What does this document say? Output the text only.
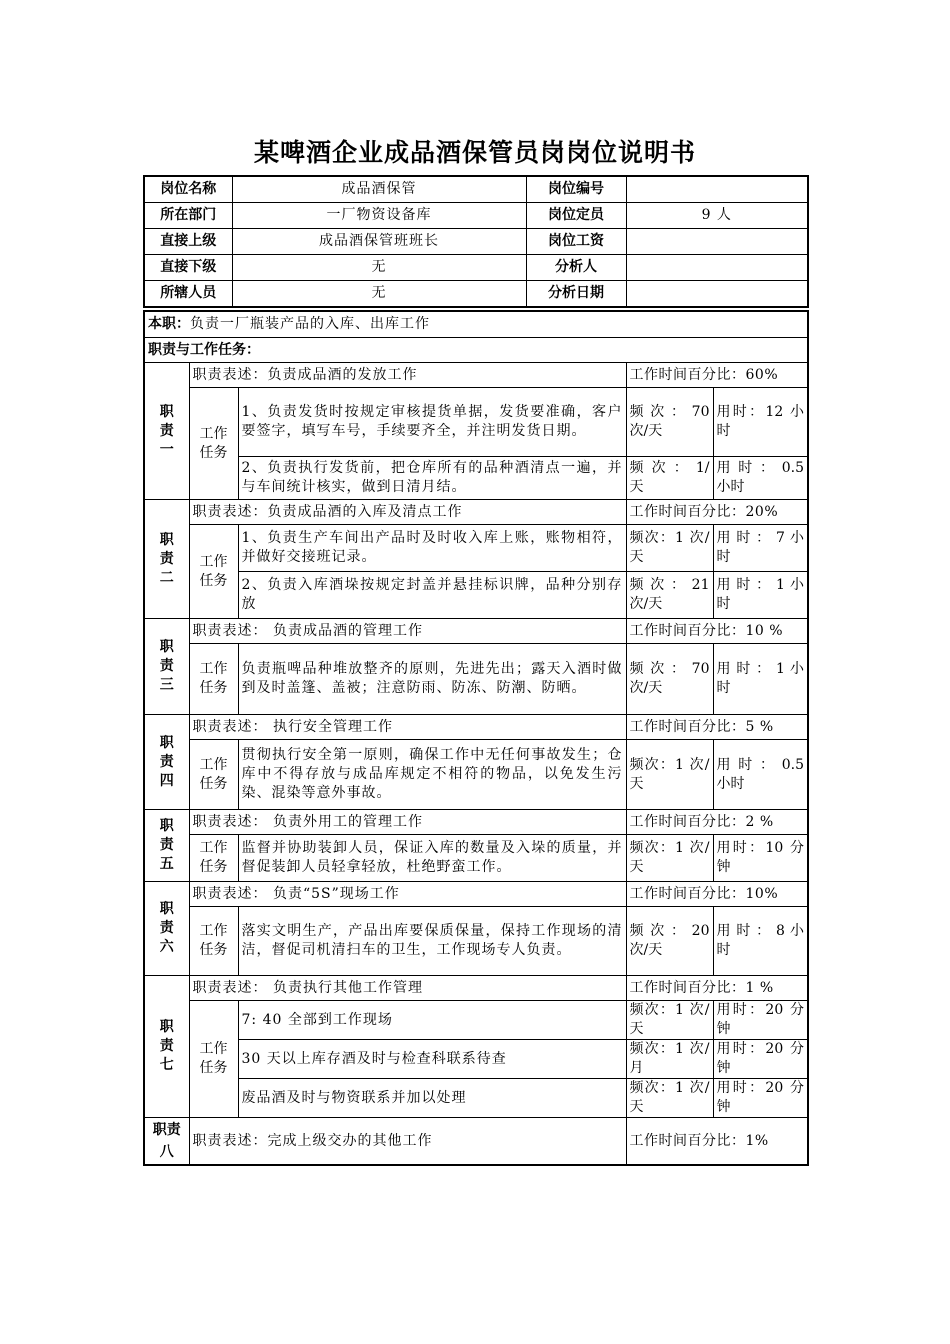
某啤酒企业成品酒保管员岗岗位说明书
岗位名称	成品酒保管	岗位编号	
所在部门	一厂物资设备库	岗位定员	9 人
直接上级	成品酒保管班班长	岗位工资	
直接下级	无	分析人	
所辖人员	无	分析日期	
本职：负责一厂瓶装产品的入库、出库工作				
职责与工作任务：				
职责一	职责表述：负责成品酒的发放工作		工作时间百分比：60%	
	工作任务	1、负责发货时按规定审核提货单据，发货要准确，客户要签字，填写车号，手续要齐全，并注明发货日期。	频 次 ： 70次/天	用时：12 小时
		2、负责执行发货前，把仓库所有的品种酒清点一遍，并与车间统计核实，做到日清月结。	频 次 ： 1/天	用 时 ： 0.5小时
职责二	职责表述：负责成品酒的入库及清点工作		工作时间百分比：20%	
	工作任务	1、负责生产车间出产品时及时收入库上账，账物相符，并做好交接班记录。	频次：1 次/天	用 时 ： 7 小时
		2、负责入库酒垛按规定封盖并悬挂标识牌，品种分别存放	频 次 ： 21次/天	用 时 ： 1 小时
职责三	职责表述： 负责成品酒的管理工作		工作时间百分比：10 %	
	工作任务	负责瓶啤品种堆放整齐的原则，先进先出；露天入酒时做到及时盖篷、盖被；注意防雨、防冻、防潮、防晒。	频 次 ： 70次/天	用 时 ： 1 小时
职责四	职责表述： 执行安全管理工作		工作时间百分比：5 %	
	工作任务	贯彻执行安全第一原则，确保工作中无任何事故发生；仓库中不得存放与成品库规定不相符的物品，以免发生污染、混染等意外事故。	频次：1 次/天	用 时 ： 0.5小时
职责五	职责表述： 负责外用工的管理工作		工作时间百分比：2 %	
	工作任务	监督并协助装卸人员，保证入库的数量及入垛的质量，并督促装卸人员轻拿轻放，杜绝野蛮工作。	频次：1 次/天	用时：10 分钟
职责六	职责表述： 负责“5S”现场工作		工作时间百分比：10%	
	工作任务	落实文明生产，产品出库要保质保量，保持工作现场的清洁，督促司机清扫车的卫生，工作现场专人负责。	频 次 ： 20次/天	用 时 ： 8 小时
职责七	职责表述： 负责执行其他工作管理		工作时间百分比：1 %	
	工作任务	7: 40 全部到工作现场	频次：1 次/天	用时：20 分钟
		30 天以上库存酒及时与检查科联系待查	频次：1 次/月	用时：20 分钟
		废品酒及时与物资联系并加以处理	频次：1 次/天	用时：20 分钟
职责八	职责表述：完成上级交办的其他工作		工作时间百分比：1%	
